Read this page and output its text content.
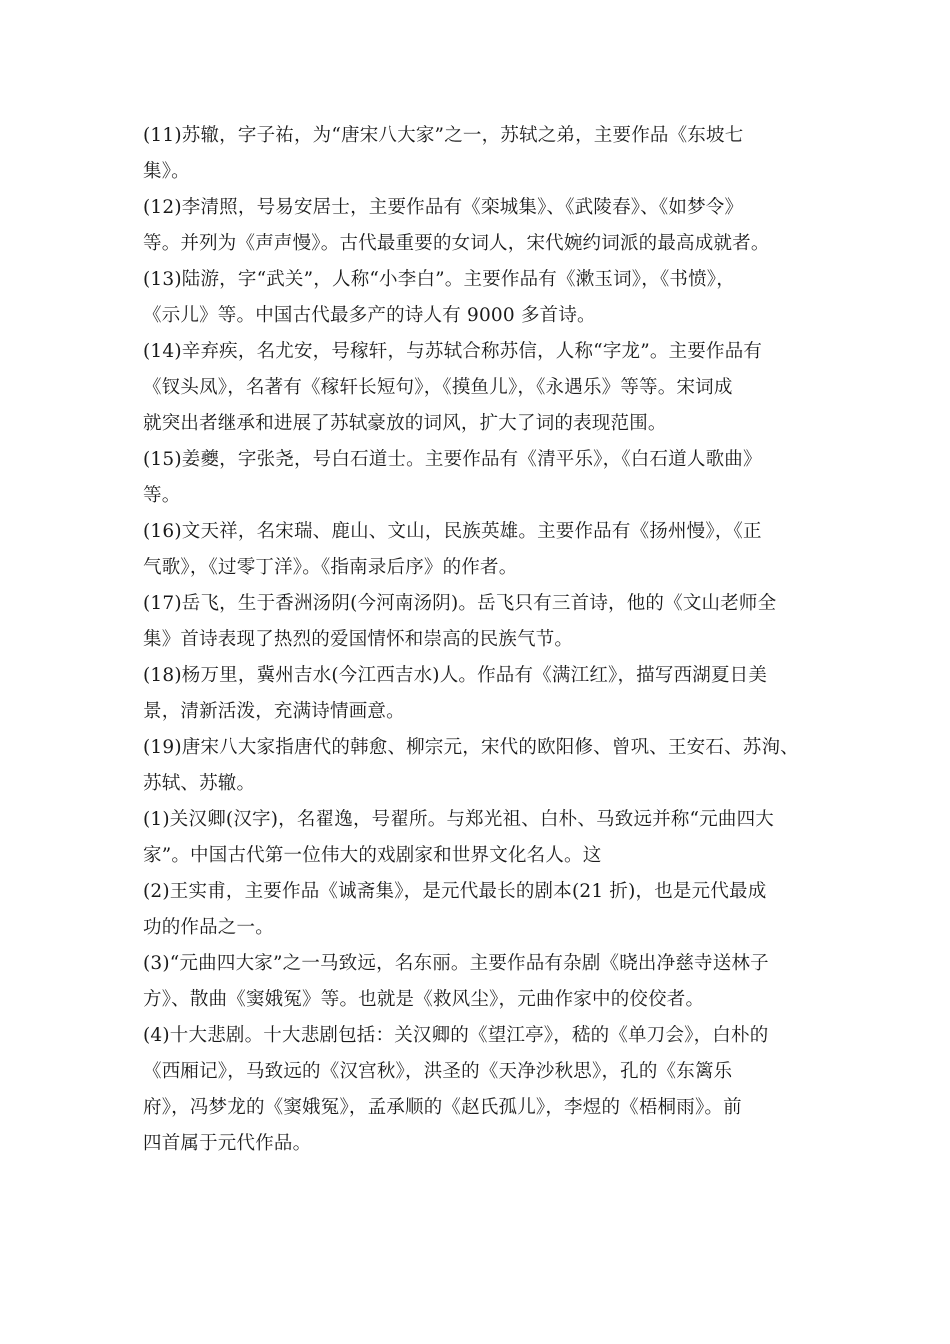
(11)苏辙，字子祐，为“唐宋八大家”之一，苏轼之弟，主要作品《东坡七
集》。
(12)李清照，号易安居士，主要作品有《栾城集》、《武陵春》、《如梦令》
等。并列为《声声慢》。古代最重要的女词人，宋代婉约词派的最高成就者。
(13)陆游，字“武关”，人称“小李白”。主要作品有《漱玉词》，《书愤》，
《示儿》等。中国古代最多产的诗人有 9000 多首诗。
(14)辛弃疾，名尤安，号稼轩，与苏轼合称苏信，人称“字龙”。主要作品有
《钗头凤》，名著有《稼轩长短句》，《摸鱼儿》，《永遇乐》等等。宋词成
就突出者继承和进展了苏轼豪放的词风，扩大了词的表现范围。
(15)姜夔，字张尧，号白石道士。主要作品有《清平乐》，《白石道人歌曲》
等。
(16)文天祥，名宋瑞、鹿山、文山，民族英雄。主要作品有《扬州慢》，《正
气歌》，《过零丁洋》。《指南录后序》的作者。
(17)岳飞，生于香洲汤阴(今河南汤阴)。岳飞只有三首诗，他的《文山老师全
集》首诗表现了热烈的爱国情怀和崇高的民族气节。
(18)杨万里，冀州吉水(今江西吉水)人。作品有《满江红》，描写西湖夏日美
景，清新活泼，充满诗情画意。
(19)唐宋八大家指唐代的韩愈、柳宗元，宋代的欧阳修、曾巩、王安石、苏洵、
苏轼、苏辙。
(1)关汉卿(汉字)，名翟逸，号翟所。与郑光祖、白朴、马致远并称“元曲四大
家”。中国古代第一位伟大的戏剧家和世界文化名人。这
(2)王实甫，主要作品《诚斋集》，是元代最长的剧本(21 折)，也是元代最成
功的作品之一。
(3)“元曲四大家”之一马致远，名东丽。主要作品有杂剧《晓出净慈寺送林子
方》、散曲《窦娥冤》等。也就是《救风尘》，元曲作家中的佼佼者。
(4)十大悲剧。十大悲剧包括：关汉卿的《望江亭》，嵇的《单刀会》，白朴的
《西厢记》，马致远的《汉宫秋》，洪圣的《天净沙秋思》，孔的《东篱乐
府》，冯梦龙的《窦娥冤》，孟承顺的《赵氏孤儿》，李煜的《梧桐雨》。前
四首属于元代作品。
